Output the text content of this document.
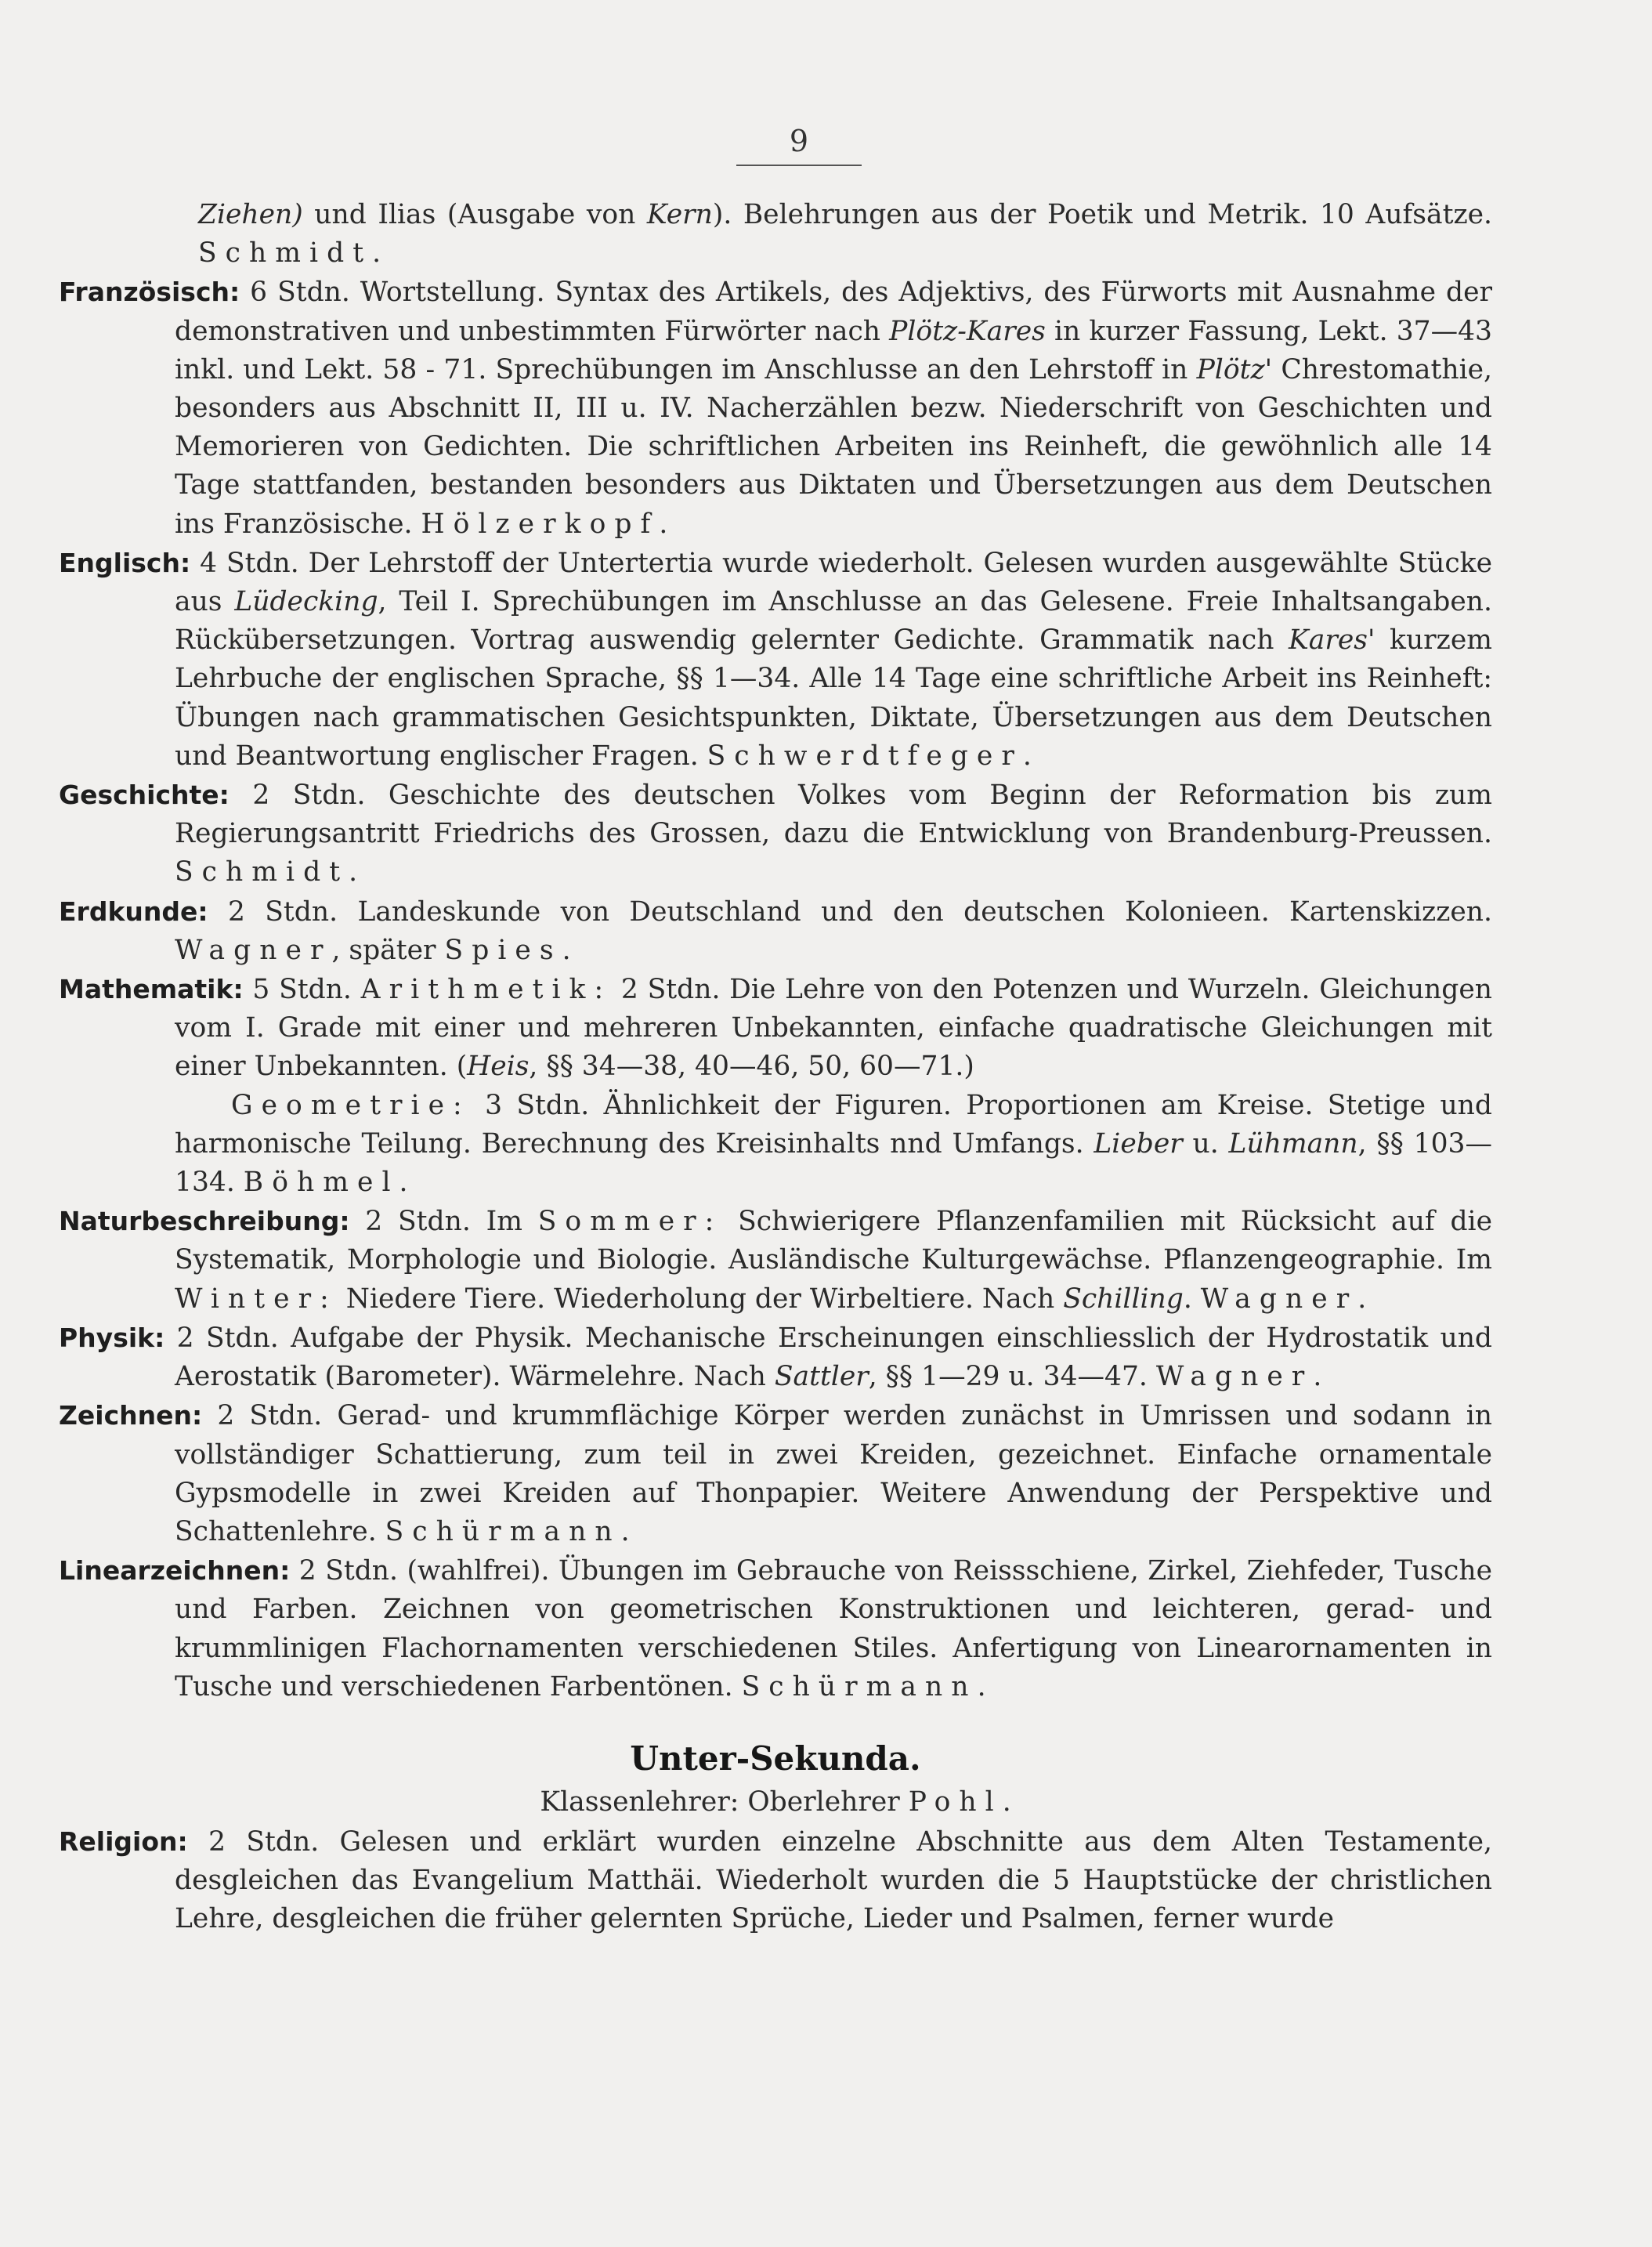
9

Ziehen) und Ilias (Ausgabe von Kern). Belehrungen aus der Poetik und Metrik. 10 Aufsätze. Schmidt.

Französisch: 6 Stdn. Wortstellung. Syntax des Artikels, des Adjektivs, des Fürworts mit Ausnahme der demonstrativen und unbestimmten Fürwörter nach Plötz-Kares in kurzer Fassung, Lekt. 37—43 inkl. und Lekt. 58 - 71. Sprechübungen im Anschlusse an den Lehrstoff in Plötz' Chrestomathie, besonders aus Abschnitt II, III u. IV. Nacherzählen bezw. Niederschrift von Geschichten und Memorieren von Gedichten. Die schriftlichen Arbeiten ins Reinheft, die gewöhnlich alle 14 Tage stattfanden, bestanden besonders aus Diktaten und Übersetzungen aus dem Deutschen ins Französische. Hölzerkopf.

Englisch: 4 Stdn. Der Lehrstoff der Untertertia wurde wiederholt. Gelesen wurden ausgewählte Stücke aus Lüdecking, Teil I. Sprechübungen im Anschlusse an das Gelesene. Freie Inhaltsangaben. Rückübersetzungen. Vortrag auswendig gelernter Gedichte. Grammatik nach Kares' kurzem Lehrbuche der englischen Sprache, §§ 1—34. Alle 14 Tage eine schriftliche Arbeit ins Reinheft: Übungen nach grammatischen Gesichtspunkten, Diktate, Übersetzungen aus dem Deutschen und Beantwortung englischer Fragen. Schwerdtfeger.

Geschichte: 2 Stdn. Geschichte des deutschen Volkes vom Beginn der Reformation bis zum Regierungsantritt Friedrichs des Grossen, dazu die Entwicklung von Brandenburg-Preussen. Schmidt.

Erdkunde: 2 Stdn. Landeskunde von Deutschland und den deutschen Kolonieen. Kartenskizzen. Wagner, später Spies.

Mathematik: 5 Stdn. Arithmetik: 2 Stdn. Die Lehre von den Potenzen und Wurzeln. Gleichungen vom I. Grade mit einer und mehreren Unbekannten, einfache quadratische Gleichungen mit einer Unbekannten. (Heis, §§ 34—38, 40—46, 50, 60—71.)

Geometrie: 3 Stdn. Ähnlichkeit der Figuren. Proportionen am Kreise. Stetige und harmonische Teilung. Berechnung des Kreisinhalts nnd Umfangs. Lieber u. Lühmann, §§ 103—134. Böhmel.

Naturbeschreibung: 2 Stdn. Im Sommer: Schwierigere Pflanzenfamilien mit Rücksicht auf die Systematik, Morphologie und Biologie. Ausländische Kulturgewächse. Pflanzengeographie. Im Winter: Niedere Tiere. Wiederholung der Wirbeltiere. Nach Schilling. Wagner.

Physik: 2 Stdn. Aufgabe der Physik. Mechanische Erscheinungen einschliesslich der Hydrostatik und Aerostatik (Barometer). Wärmelehre. Nach Sattler, §§ 1—29 u. 34—47. Wagner.

Zeichnen: 2 Stdn. Gerad- und krummflächige Körper werden zunächst in Umrissen und sodann in vollständiger Schattierung, zum teil in zwei Kreiden, gezeichnet. Einfache ornamentale Gypsmodelle in zwei Kreiden auf Thonpapier. Weitere Anwendung der Perspektive und Schattenlehre. Schürmann.

Linearzeichnen: 2 Stdn. (wahlfrei). Übungen im Gebrauche von Reissschiene, Zirkel, Ziehfeder, Tusche und Farben. Zeichnen von geometrischen Konstruktionen und leichteren, gerad- und krummlinigen Flachornamenten verschiedenen Stiles. Anfertigung von Linearornamenten in Tusche und verschiedenen Farbentönen. Schürmann.

Unter-Sekunda.

Klassenlehrer: Oberlehrer Pohl.

Religion: 2 Stdn. Gelesen und erklärt wurden einzelne Abschnitte aus dem Alten Testamente, desgleichen das Evangelium Matthäi. Wiederholt wurden die 5 Hauptstücke der christlichen Lehre, desgleichen die früher gelernten Sprüche, Lieder und Psalmen, ferner wurde
